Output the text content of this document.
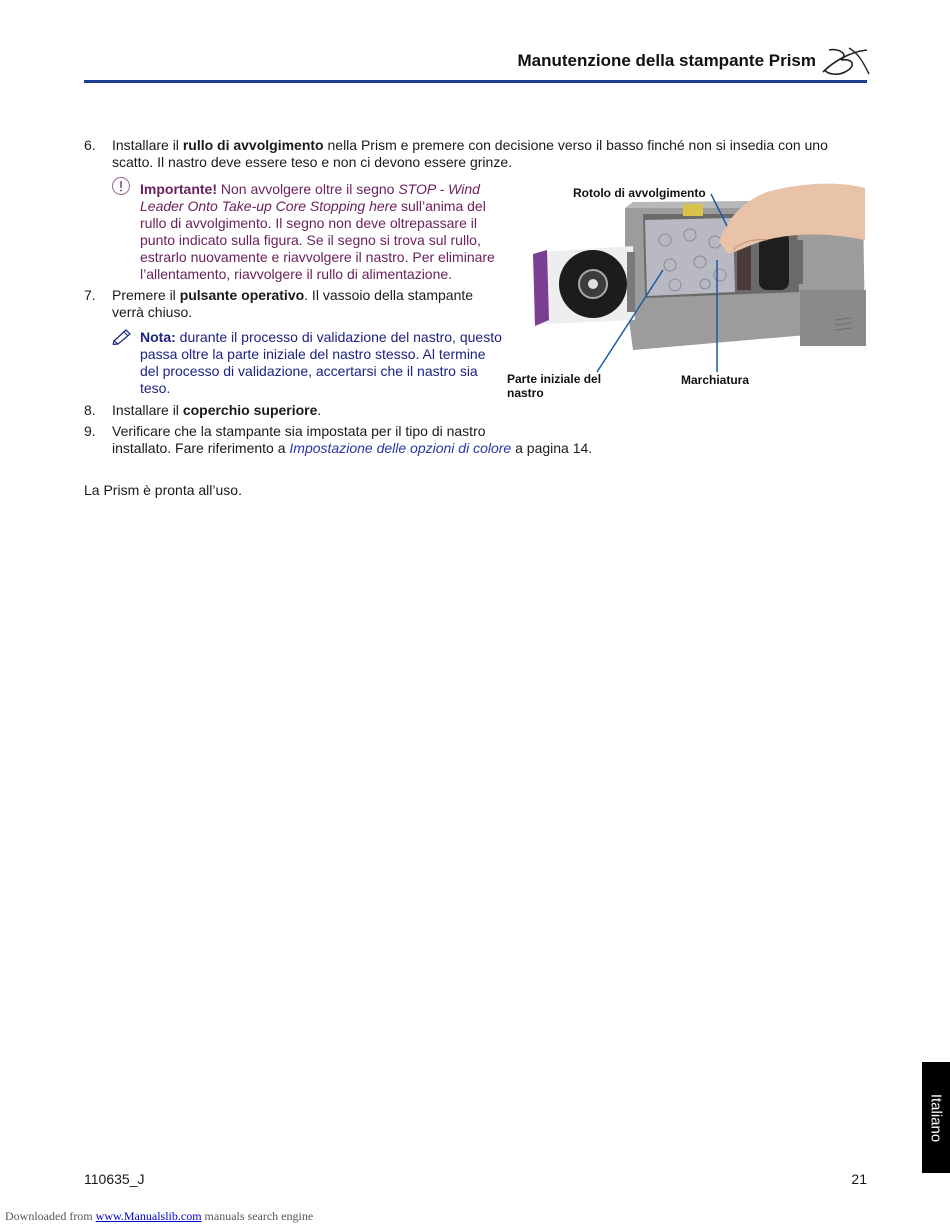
Manutenzione della stampante Prism
6. Installare il rullo di avvolgimento nella Prism e premere con decisione verso il basso finché non si insedia con uno
scatto. Il nastro deve essere teso e non ci devono essere grinze.
Importante! Non avvolgere oltre il segno STOP - Wind
Leader Onto Take-up Core Stopping here sull’anima del
rullo di avvolgimento. Il segno non deve oltrepassare il
punto indicato sulla figura. Se il segno si trova sul rullo,
estrarlo nuovamente e riavvolgere il nastro. Per eliminare
l’allentamento, riavvolgere il rullo di alimentazione.
7. Premere il pulsante operativo. Il vassoio della stampante
verrà chiuso.
Nota: durante il processo di validazione del nastro, questo
passa oltre la parte iniziale del nastro stesso. Al termine
del processo di validazione, accertarsi che il nastro sia
teso.
8. Installare il coperchio superiore.
9. Verificare che la stampante sia impostata per il tipo di nastro
installato. Fare riferimento a Impostazione delle opzioni di colore a pagina 14.
La Prism è pronta all’uso.
Rotolo di avvolgimento
Parte iniziale del
nastro
Marchiatura
Italiano
110635_J	21
Downloaded from www.Manualslib.com manuals search engine
